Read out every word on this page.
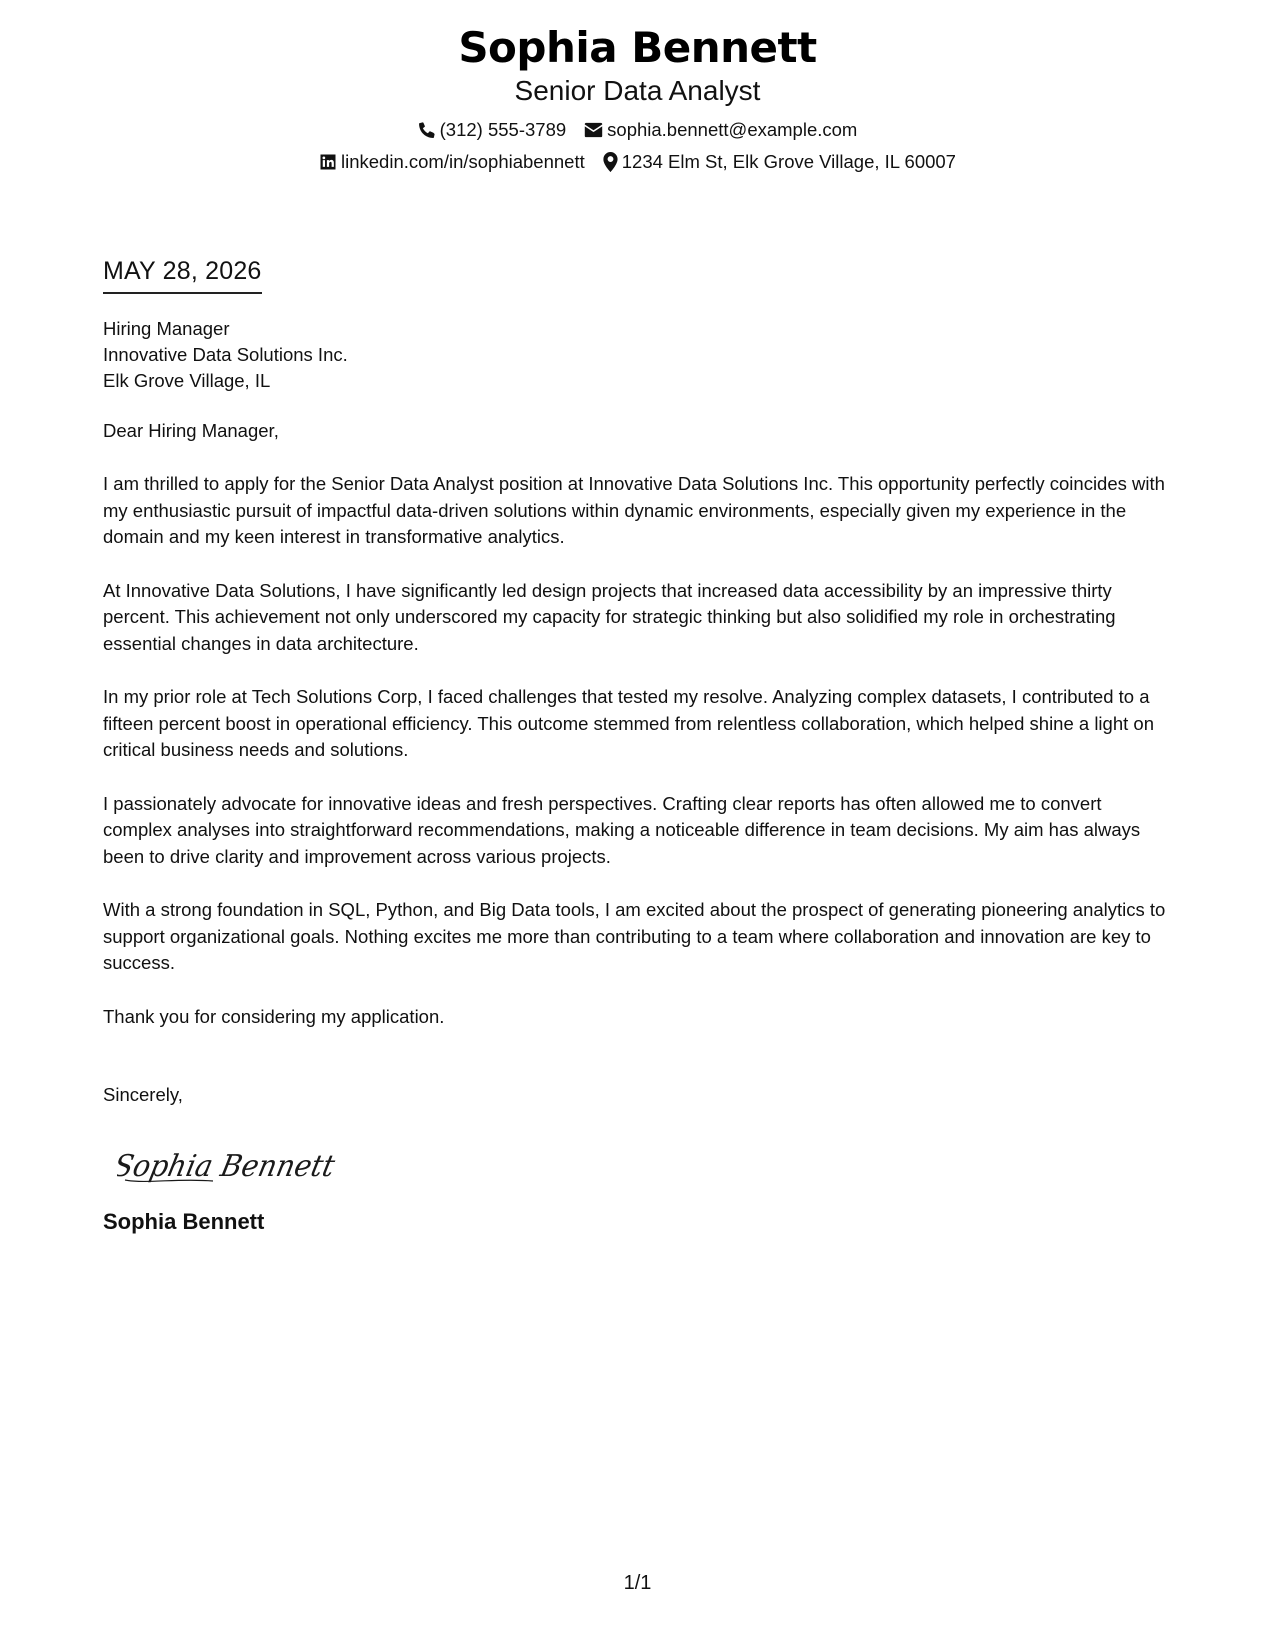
Sophia Bennett
Senior Data Analyst
(312) 555-3789 sophia.bennett@example.com
linkedin.com/in/sophiabennett 1234 Elm St, Elk Grove Village, IL 60007
MAY 28, 2026
Hiring Manager
Innovative Data Solutions Inc.
Elk Grove Village, IL
Dear Hiring Manager,
I am thrilled to apply for the Senior Data Analyst position at Innovative Data Solutions Inc. This opportunity perfectly coincides with my enthusiastic pursuit of impactful data-driven solutions within dynamic environments, especially given my experience in the domain and my keen interest in transformative analytics.
At Innovative Data Solutions, I have significantly led design projects that increased data accessibility by an impressive thirty percent. This achievement not only underscored my capacity for strategic thinking but also solidified my role in orchestrating essential changes in data architecture.
In my prior role at Tech Solutions Corp, I faced challenges that tested my resolve. Analyzing complex datasets, I contributed to a fifteen percent boost in operational efficiency. This outcome stemmed from relentless collaboration, which helped shine a light on critical business needs and solutions.
I passionately advocate for innovative ideas and fresh perspectives. Crafting clear reports has often allowed me to convert complex analyses into straightforward recommendations, making a noticeable difference in team decisions. My aim has always been to drive clarity and improvement across various projects.
With a strong foundation in SQL, Python, and Big Data tools, I am excited about the prospect of generating pioneering analytics to support organizational goals. Nothing excites me more than contributing to a team where collaboration and innovation are key to success.
Thank you for considering my application.
Sincerely,
Sophia Bennett
Sophia Bennett
1/1
